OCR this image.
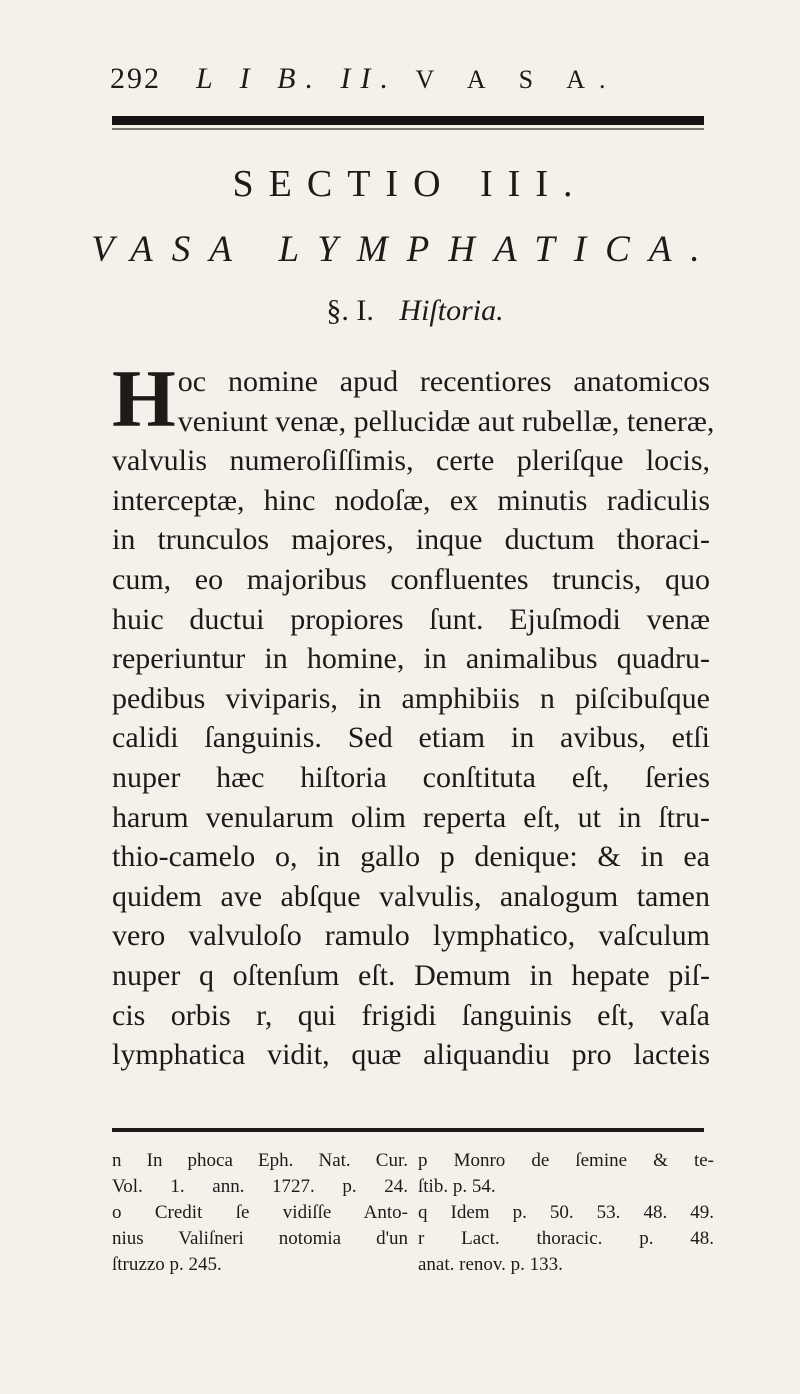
292 L I B. II. V A S A.
SECTIO III.
VASA LYMPHATICA.
§. I. Hiſtoria.
H oc nomine apud recentiores anatomicos
veniunt venæ, pellucidæ aut rubellæ, teneræ,
valvulis numeroſiſſimis, certe pleriſque locis,
interceptæ, hinc nodoſæ, ex minutis radiculis
in trunculos majores, inque ductum thoraci-
cum, eo majoribus confluentes truncis, quo
huic ductui propiores ſunt. Ejuſmodi venæ
reperiuntur in homine, in animalibus quadru-
pedibus viviparis, in amphibiis n piſcibuſque
calidi ſanguinis. Sed etiam in avibus, etſi
nuper hæc hiſtoria conſtituta eſt, ſeries
harum venularum olim reperta eſt, ut in ſtru-
thio-camelo o, in gallo p denique: & in ea
quidem ave abſque valvulis, analogum tamen
vero valvuloſo ramulo lymphatico, vaſculum
nuper q oſtenſum eſt. Demum in hepate piſ-
cis orbis r, qui frigidi ſanguinis eſt, vaſa
lymphatica vidit, quæ aliquandiu pro lacteis
n In phoca Eph. Nat. Cur.
Vol. 1. ann. 1727. p. 24.
o Credit ſe vidiſſe Anto-
nius Valiſneri notomia d'un
ſtruzzo p. 245.
p Monro de ſemine & te-
ſtib. p. 54.
q Idem p. 50. 53. 48. 49.
r Lact. thoracic. p. 48.
anat. renov. p. 133.
